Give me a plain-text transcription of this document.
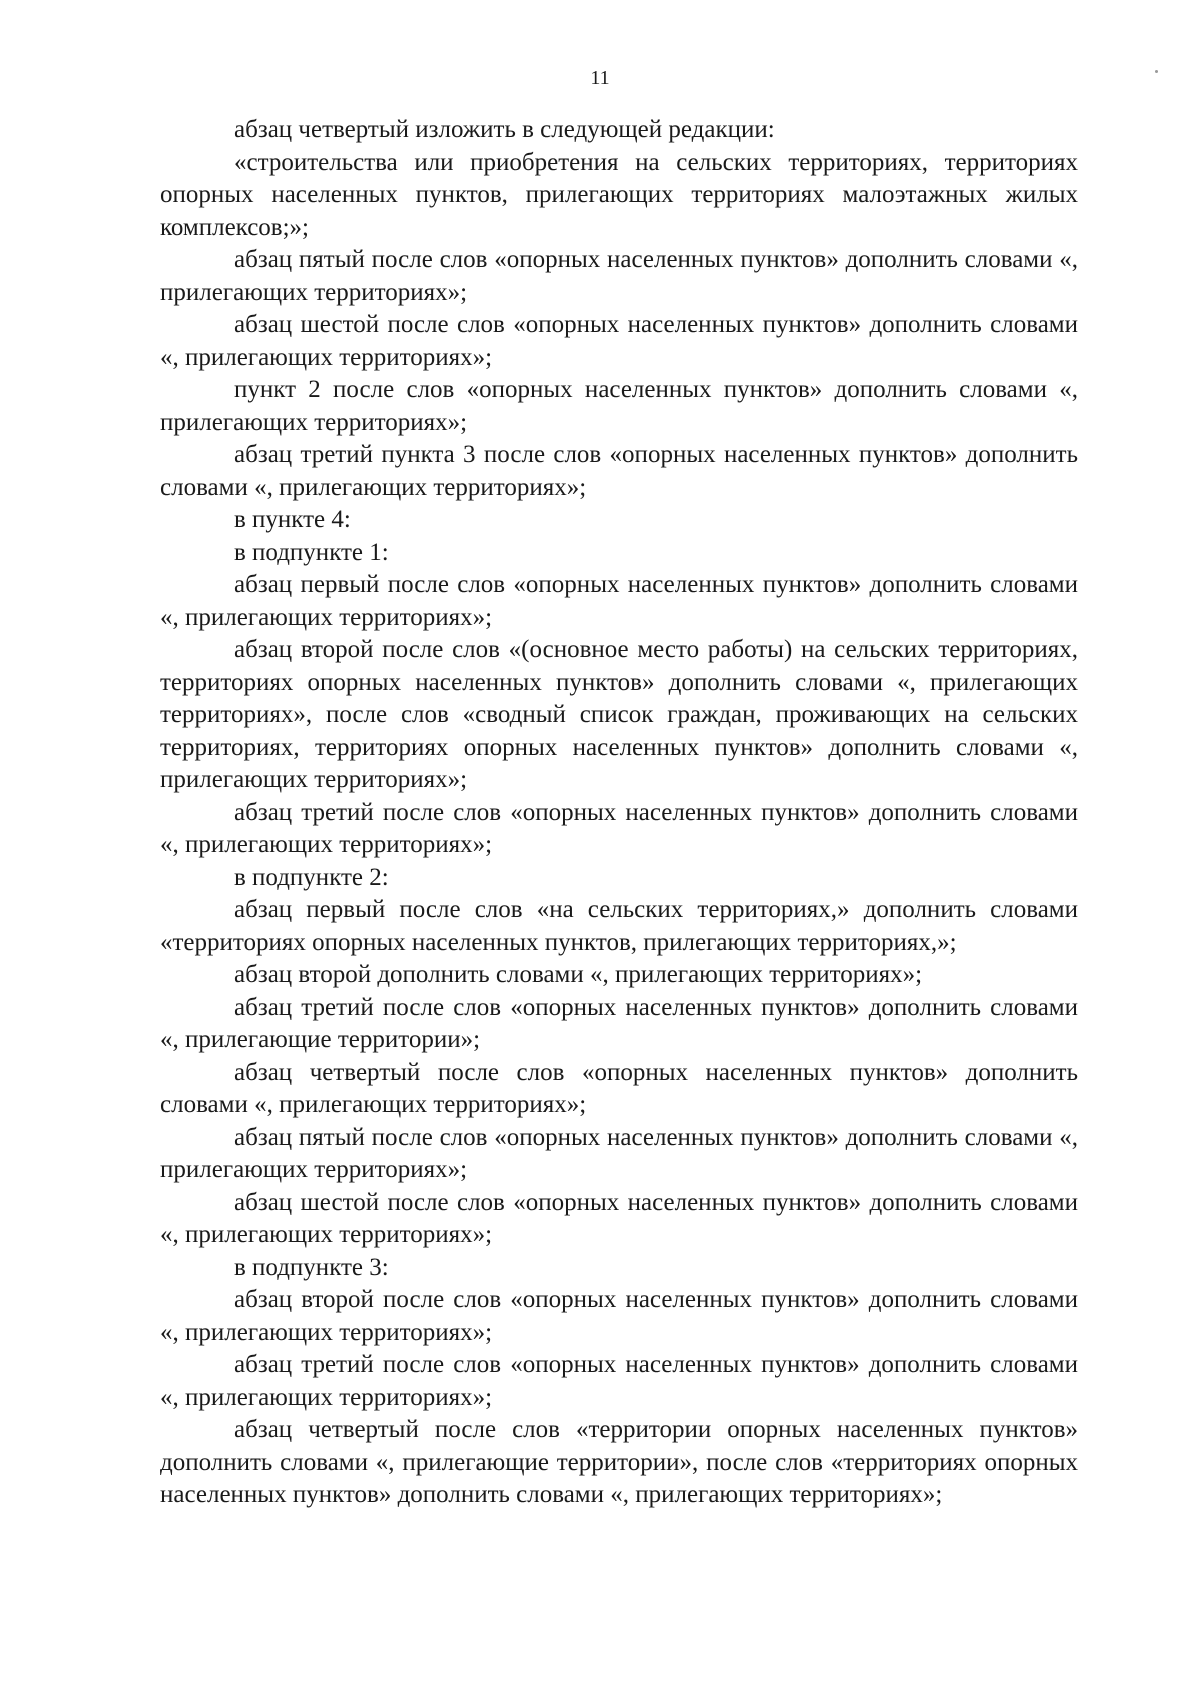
11

абзац четвертый изложить в следующей редакции:

«строительства или приобретения на сельских территориях, территориях опорных населенных пунктов, прилегающих территориях малоэтажных жилых комплексов;»;

абзац пятый после слов «опорных населенных пунктов» дополнить словами «, прилегающих территориях»;

абзац шестой после слов «опорных населенных пунктов» дополнить словами «, прилегающих территориях»;

пункт 2 после слов «опорных населенных пунктов» дополнить словами «, прилегающих территориях»;

абзац третий пункта 3 после слов «опорных населенных пунктов» дополнить словами «, прилегающих территориях»;

в пункте 4:

в подпункте 1:

абзац первый после слов «опорных населенных пунктов» дополнить словами «, прилегающих территориях»;

абзац второй после слов «(основное место работы) на сельских территориях, территориях опорных населенных пунктов» дополнить словами «, прилегающих территориях», после слов «сводный список граждан, проживающих на сельских территориях, территориях опорных населенных пунктов» дополнить словами «, прилегающих территориях»;

абзац третий после слов «опорных населенных пунктов» дополнить словами «, прилегающих территориях»;

в подпункте 2:

абзац первый после слов «на сельских территориях,» дополнить словами «территориях опорных населенных пунктов, прилегающих территориях,»;

абзац второй дополнить словами «, прилегающих территориях»;

абзац третий после слов «опорных населенных пунктов» дополнить словами «, прилегающие территории»;

абзац четвертый после слов «опорных населенных пунктов» дополнить словами «, прилегающих территориях»;

абзац пятый после слов «опорных населенных пунктов» дополнить словами «, прилегающих территориях»;

абзац шестой после слов «опорных населенных пунктов» дополнить словами «, прилегающих территориях»;

в подпункте 3:

абзац второй после слов «опорных населенных пунктов» дополнить словами «, прилегающих территориях»;

абзац третий после слов «опорных населенных пунктов» дополнить словами «, прилегающих территориях»;

абзац четвертый после слов «территории опорных населенных пунктов» дополнить словами «, прилегающие территории», после слов «территориях опорных населенных пунктов» дополнить словами «, прилегающих территориях»;
